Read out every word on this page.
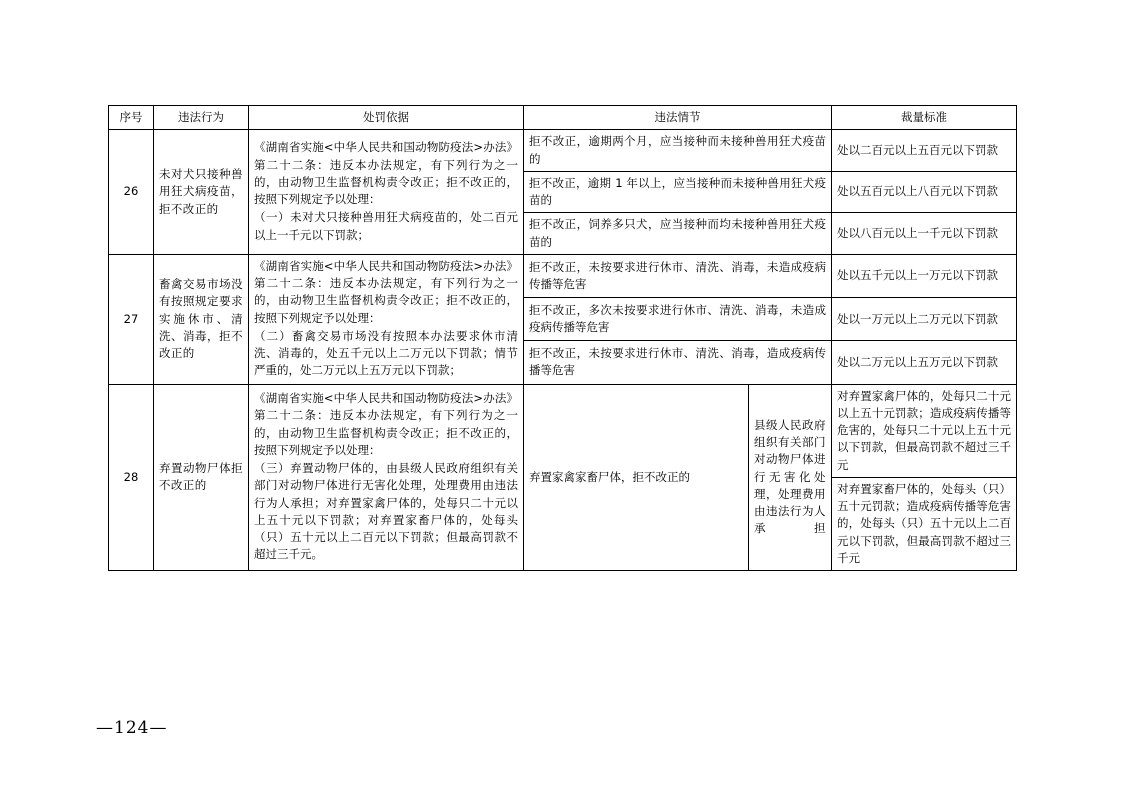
序号	违法行为	处罚依据	违法情节		裁量标准
26	未对犬只接种兽用狂犬病疫苗，拒不改正的	《湖南省实施<中华人民共和国动物防疫法>办法》第二十二条：违反本办法规定，有下列行为之一的，由动物卫生监督机构责令改正；拒不改正的，按照下列规定予以处理：

（一）未对犬只接种兽用狂犬病疫苗的，处二百元以上一千元以下罚款；	拒不改正，逾期两个月，应当接种而未接种兽用狂犬疫苗的		处以二百元以上五百元以下罚款
			拒不改正，逾期 1 年以上，应当接种而未接种兽用狂犬疫苗的		处以五百元以上八百元以下罚款
			拒不改正，饲养多只犬，应当接种而均未接种兽用狂犬疫苗的		处以八百元以上一千元以下罚款
27	畜禽交易市场没有按照规定要求实施休市、清洗、消毒，拒不改正的	《湖南省实施<中华人民共和国动物防疫法>办法》第二十二条：违反本办法规定，有下列行为之一的，由动物卫生监督机构责令改正；拒不改正的，按照下列规定予以处理：

（二）畜禽交易市场没有按照本办法要求休市清洗、消毒的，处五千元以上二万元以下罚款；情节严重的，处二万元以上五万元以下罚款；	拒不改正，未按要求进行休市、清洗、消毒，未造成疫病传播等危害		处以五千元以上一万元以下罚款
			拒不改正，多次未按要求进行休市、清洗、消毒，未造成疫病传播等危害		处以一万元以上二万元以下罚款
			拒不改正，未按要求进行休市、清洗、消毒，造成疫病传播等危害		处以二万元以上五万元以下罚款
28	弃置动物尸体拒不改正的	《湖南省实施<中华人民共和国动物防疫法>办法》第二十二条：违反本办法规定，有下列行为之一的，由动物卫生监督机构责令改正；拒不改正的，按照下列规定予以处理：

（三）弃置动物尸体的，由县级人民政府组织有关部门对动物尸体进行无害化处理，处理费用由违法行为人承担；对弃置家禽尸体的，处每只二十元以上五十元以下罚款；对弃置家畜尸体的，处每头（只）五十元以上二百元以下罚款；但最高罚款不超过三千元。	弃置家禽家畜尸体，拒不改正的	县级人民政府组织有关部门对动物尸体进行无害化处理，处理费用由违法行为人承担	对弃置家禽尸体的，处每只二十元以上五十元罚款；造成疫病传播等危害的，处每只二十元以上五十元以下罚款，但最高罚款不超过三千元
					对弃置家畜尸体的，处每头（只）五十元罚款；造成疫病传播等危害的，处每头（只）五十元以上二百元以下罚款，但最高罚款不超过三千元
—124—
